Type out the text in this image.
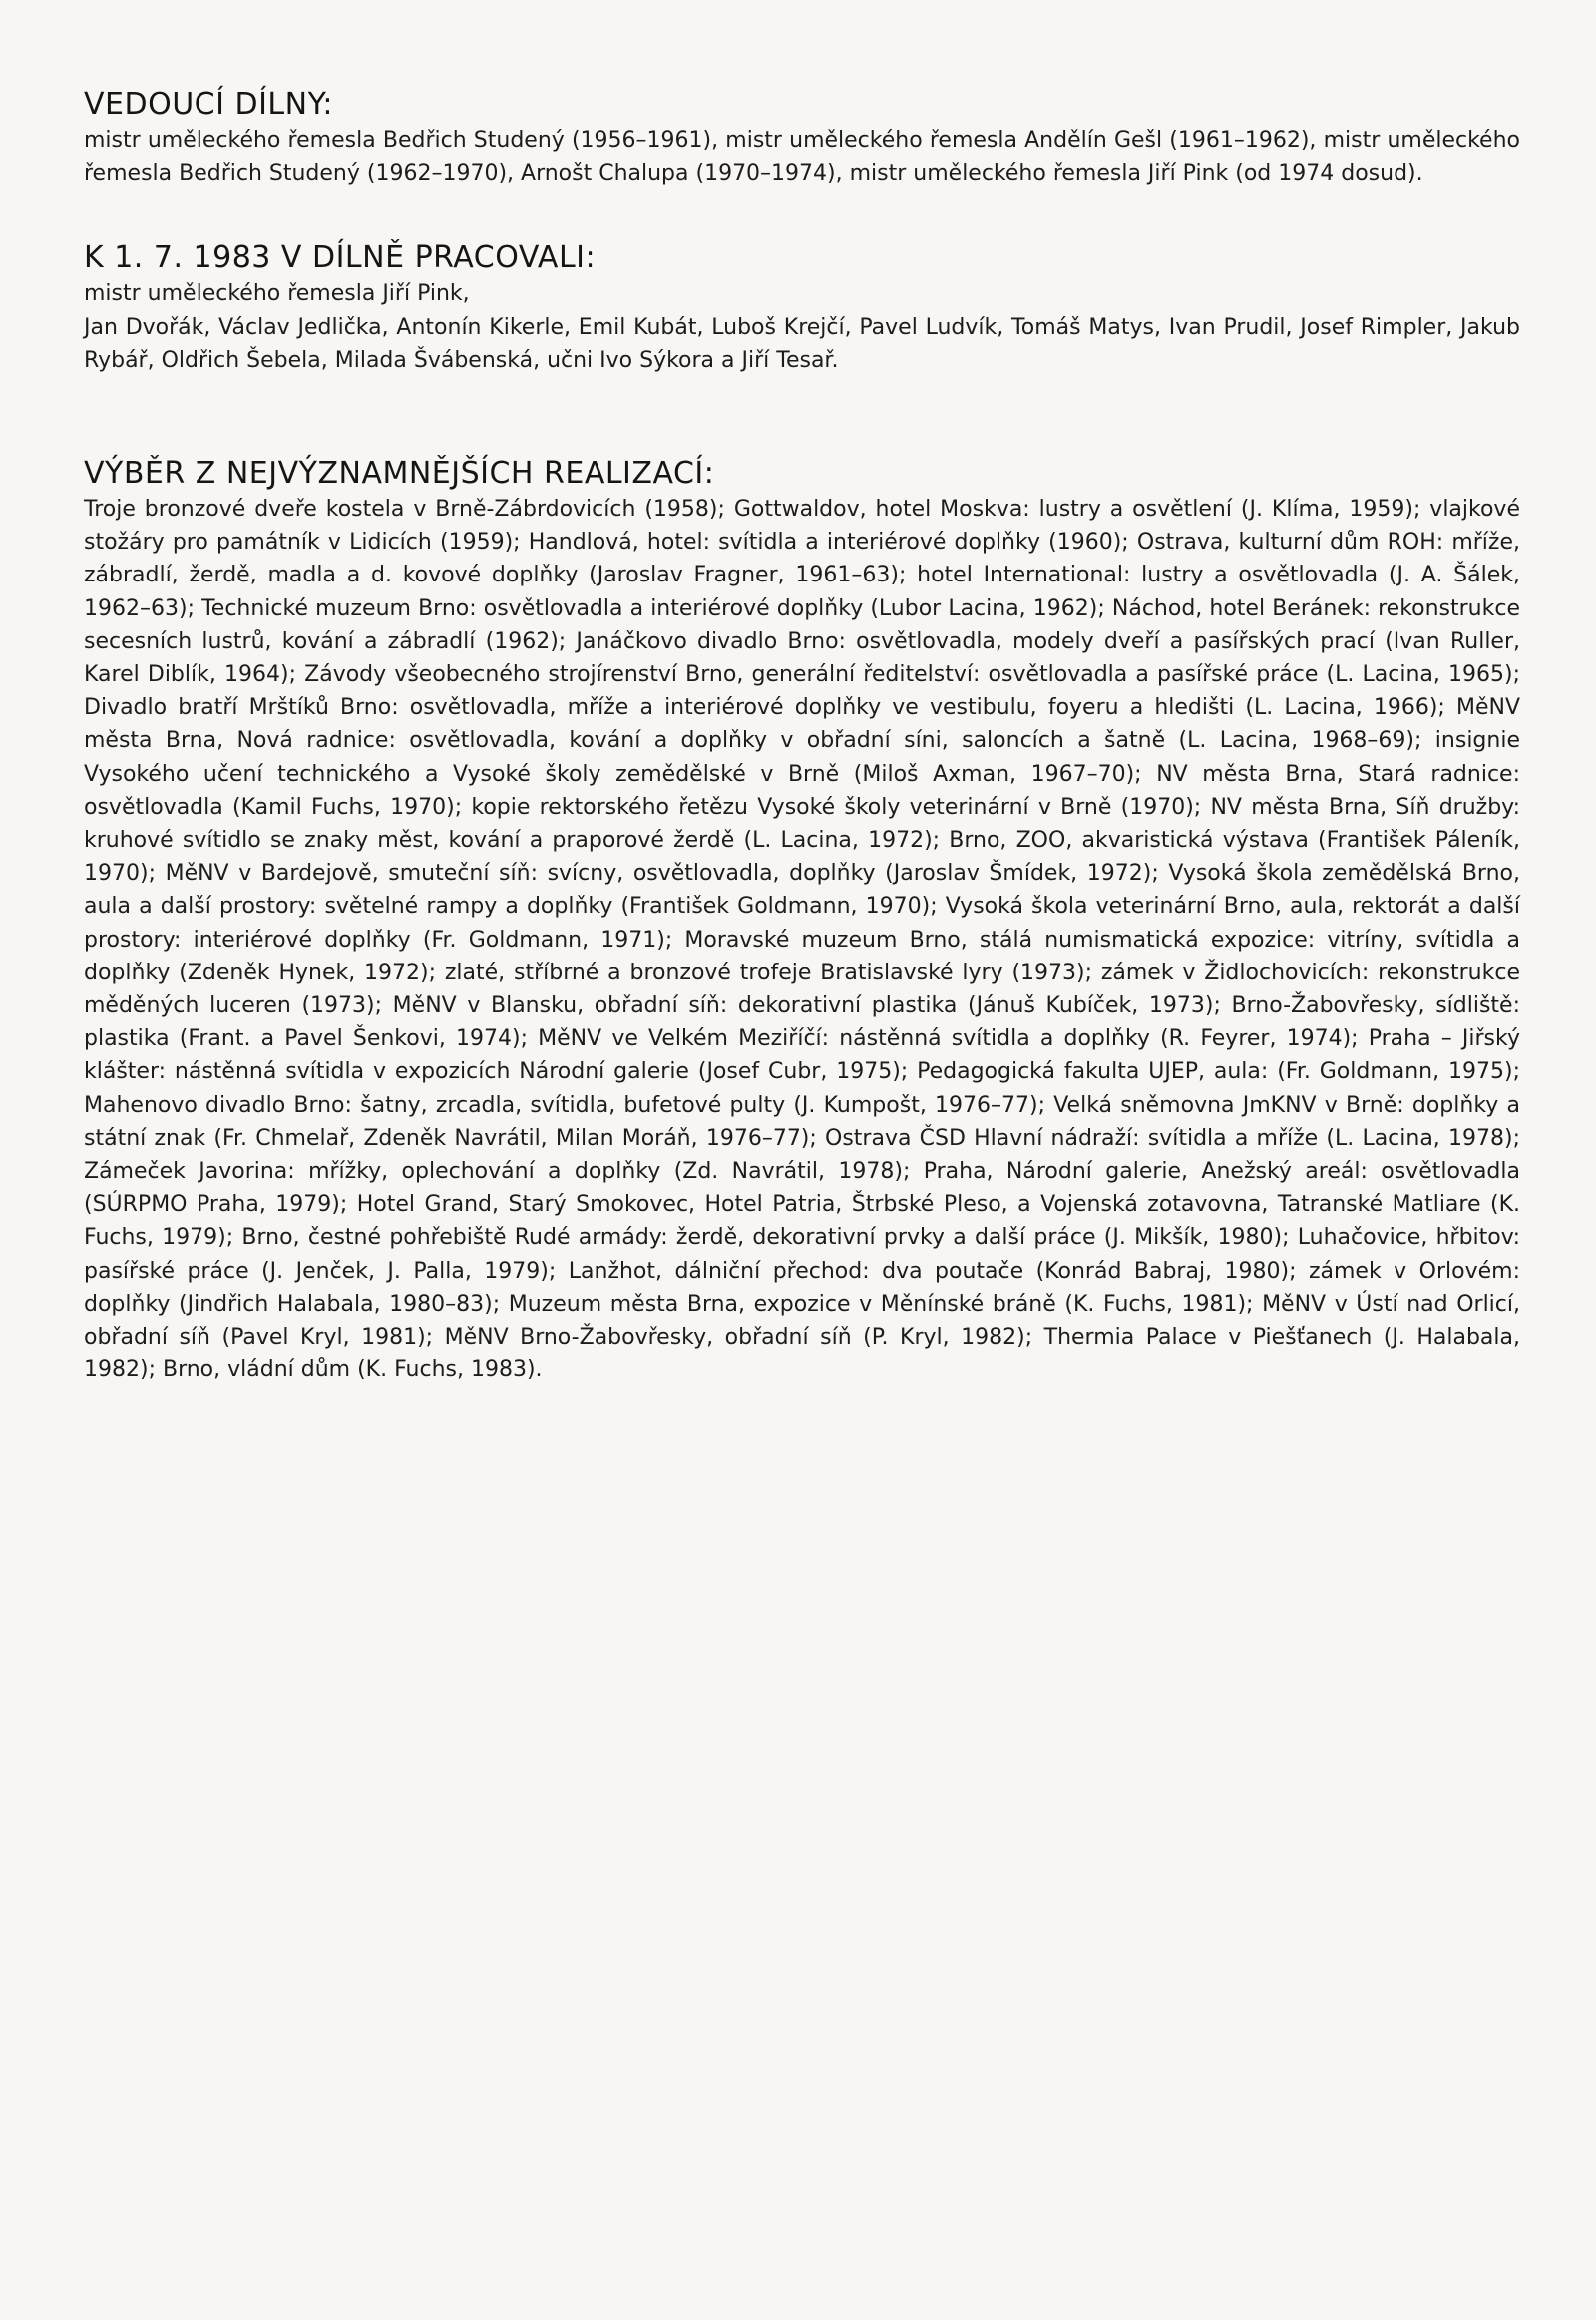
VEDOUCÍ DÍLNY:

mistr uměleckého řemesla Bedřich Studený (1956–1961), mistr uměleckého řemesla Andělín Gešl (1961–1962), mistr uměleckého řemesla Bedřich Studený (1962–1970), Arnošt Chalupa (1970–1974), mistr uměleckého řemesla Jiří Pink (od 1974 dosud).

K 1. 7. 1983 V DÍLNĚ PRACOVALI:

mistr uměleckého řemesla Jiří Pink,

Jan Dvořák, Václav Jedlička, Antonín Kikerle, Emil Kubát, Luboš Krejčí, Pavel Ludvík, Tomáš Matys, Ivan Prudil, Josef Rimpler, Jakub Rybář, Oldřich Šebela, Milada Švábenská, učni Ivo Sýkora a Jiří Tesař.

VÝBĚR Z NEJVÝZNAMNĚJŠÍCH REALIZACÍ:

Troje bronzové dveře kostela v Brně-Zábrdovicích (1958); Gottwaldov, hotel Moskva: lustry a osvětlení (J. Klíma, 1959); vlajkové stožáry pro památník v Lidicích (1959); Handlová, hotel: svítidla a interiérové doplňky (1960); Ostrava, kulturní dům ROH: mříže, zábradlí, žerdě, madla a d. kovové doplňky (Jaroslav Fragner, 1961–63); hotel International: lustry a osvětlovadla (J. A. Šálek, 1962–63); Technické muzeum Brno: osvětlovadla a interiérové doplňky (Lubor Lacina, 1962); Náchod, hotel Beránek: rekonstrukce secesních lustrů, kování a zábradlí (1962); Janáčkovo divadlo Brno: osvětlovadla, modely dveří a pasířských prací (Ivan Ruller, Karel Diblík, 1964); Závody všeobecného strojírenství Brno, generální ředitelství: osvětlovadla a pasířské práce (L. Lacina, 1965); Divadlo bratří Mrštíků Brno: osvětlovadla, mříže a interiérové doplňky ve vestibulu, foyeru a hledišti (L. Lacina, 1966); MěNV města Brna, Nová radnice: osvětlovadla, kování a doplňky v obřadní síni, saloncích a šatně (L. Lacina, 1968–69); insignie Vysokého učení technického a Vysoké školy zemědělské v Brně (Miloš Axman, 1967–70); NV města Brna, Stará radnice: osvětlovadla (Kamil Fuchs, 1970); kopie rektorského řetězu Vysoké školy veterinární v Brně (1970); NV města Brna, Síň družby: kruhové svítidlo se znaky měst, kování a praporové žerdě (L. Lacina, 1972); Brno, ZOO, akvaristická výstava (František Páleník, 1970); MěNV v Bardejově, smuteční síň: svícny, osvětlovadla, doplňky (Jaroslav Šmídek, 1972); Vysoká škola zemědělská Brno, aula a další prostory: světelné rampy a doplňky (František Goldmann, 1970); Vysoká škola veterinární Brno, aula, rektorát a další prostory: interiérové doplňky (Fr. Goldmann, 1971); Moravské muzeum Brno, stálá numismatická expozice: vitríny, svítidla a doplňky (Zdeněk Hynek, 1972); zlaté, stříbrné a bronzové trofeje Bratislavské lyry (1973); zámek v Židlochovicích: rekonstrukce měděných luceren (1973); MěNV v Blansku, obřadní síň: dekorativní plastika (Jánuš Kubíček, 1973); Brno-Žabovřesky, sídliště: plastika (Frant. a Pavel Šenkovi, 1974); MěNV ve Velkém Meziříčí: nástěnná svítidla a doplňky (R. Feyrer, 1974); Praha – Jiřský klášter: nástěnná svítidla v expozicích Národní galerie (Josef Cubr, 1975); Pedagogická fakulta UJEP, aula: (Fr. Goldmann, 1975); Mahenovo divadlo Brno: šatny, zrcadla, svítidla, bufetové pulty (J. Kumpošt, 1976–77); Velká sněmovna JmKNV v Brně: doplňky a státní znak (Fr. Chmelař, Zdeněk Navrátil, Milan Moráň, 1976–77); Ostrava ČSD Hlavní nádraží: svítidla a mříže (L. Lacina, 1978); Zámeček Javorina: mřížky, oplechování a doplňky (Zd. Navrátil, 1978); Praha, Národní galerie, Anežský areál: osvětlovadla (SÚRPMO Praha, 1979); Hotel Grand, Starý Smokovec, Hotel Patria, Štrbské Pleso, a Vojenská zotavovna, Tatranské Matliare (K. Fuchs, 1979); Brno, čestné pohřebiště Rudé armády: žerdě, dekorativní prvky a další práce (J. Mikšík, 1980); Luhačovice, hřbitov: pasířské práce (J. Jenček, J. Palla, 1979); Lanžhot, dálniční přechod: dva poutače (Konrád Babraj, 1980); zámek v Orlovém: doplňky (Jindřich Halabala, 1980–83); Muzeum města Brna, expozice v Měnínské bráně (K. Fuchs, 1981); MěNV v Ústí nad Orlicí, obřadní síň (Pavel Kryl, 1981); MěNV Brno-Žabovřesky, obřadní síň (P. Kryl, 1982); Thermia Palace v Piešťanech (J. Halabala, 1982); Brno, vládní dům (K. Fuchs, 1983).
